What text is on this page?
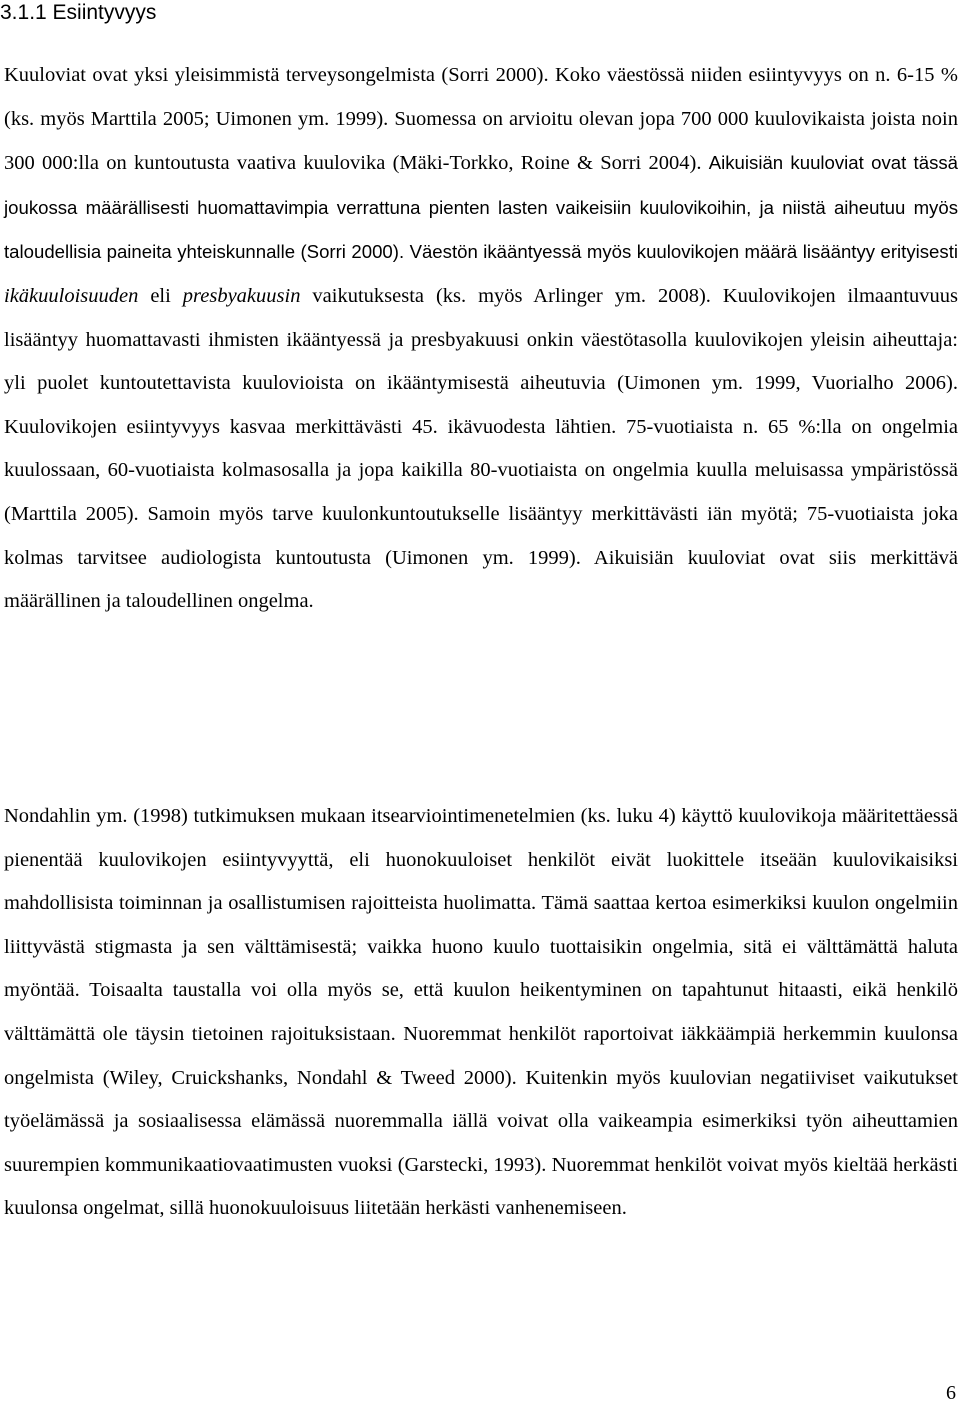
3.1.1 Esiintyvyys

Kuuloviat ovat yksi yleisimmistä terveysongelmista (Sorri 2000). Koko väestössä niiden esiintyvyys on n. 6-15 % (ks. myös Marttila 2005; Uimonen ym. 1999). Suomessa on arvioitu olevan jopa 700 000 kuulovikaista joista noin 300 000:lla on kuntoutusta vaativa kuulovika (Mäki-Torkko, Roine & Sorri 2004). Aikuisiän kuuloviat ovat tässä joukossa määrällisesti huomattavimpia verrattuna pienten lasten vaikeisiin kuulovikoihin, ja niistä aiheutuu myös taloudellisia paineita yhteiskunnalle (Sorri 2000). Väestön ikääntyessä myös kuulovikojen määrä lisääntyy erityisesti ikäkuuloisuuden eli presbyakuusin vaikutuksesta (ks. myös Arlinger ym. 2008). Kuulovikojen ilmaantuvuus lisääntyy huomattavasti ihmisten ikääntyessä ja presbyakuusi onkin väestötasolla kuulovikojen yleisin aiheuttaja: yli puolet kuntoutettavista kuulovioista on ikääntymisestä aiheutuvia (Uimonen ym. 1999, Vuorialho 2006). Kuulovikojen esiintyvyys kasvaa merkittävästi 45. ikävuodesta lähtien. 75-vuotiaista n. 65 %:lla on ongelmia kuulossaan, 60-vuotiaista kolmasosalla ja jopa kaikilla 80-vuotiaista on ongelmia kuulla meluisassa ympäristössä (Marttila 2005). Samoin myös tarve kuulonkuntoutukselle lisääntyy merkittävästi iän myötä; 75-vuotiaista joka kolmas tarvitsee audiologista kuntoutusta (Uimonen ym. 1999). Aikuisiän kuuloviat ovat siis merkittävä määrällinen ja taloudellinen ongelma.

Nondahlin ym. (1998) tutkimuksen mukaan itsearviointimenetelmien (ks. luku 4) käyttö kuulovikoja määritettäessä pienentää kuulovikojen esiintyvyyttä, eli huonokuuloiset henkilöt eivät luokittele itseään kuulovikaisiksi mahdollisista toiminnan ja osallistumisen rajoitteista huolimatta. Tämä saattaa kertoa esimerkiksi kuulon ongelmiin liittyvästä stigmasta ja sen välttämisestä; vaikka huono kuulo tuottaisikin ongelmia, sitä ei välttämättä haluta myöntää. Toisaalta taustalla voi olla myös se, että kuulon heikentyminen on tapahtunut hitaasti, eikä henkilö välttämättä ole täysin tietoinen rajoituksistaan. Nuoremmat henkilöt raportoivat iäkkäämpiä herkemmin kuulonsa ongelmista (Wiley, Cruickshanks, Nondahl & Tweed 2000). Kuitenkin myös kuulovian negatiiviset vaikutukset työelämässä ja sosiaalisessa elämässä nuoremmalla iällä voivat olla vaikeampia esimerkiksi työn aiheuttamien suurempien kommunikaatiovaatimusten vuoksi (Garstecki, 1993). Nuoremmat henkilöt voivat myös kieltää herkästi kuulonsa ongelmat, sillä huonokuuloisuus liitetään herkästi vanhenemiseen.

6
